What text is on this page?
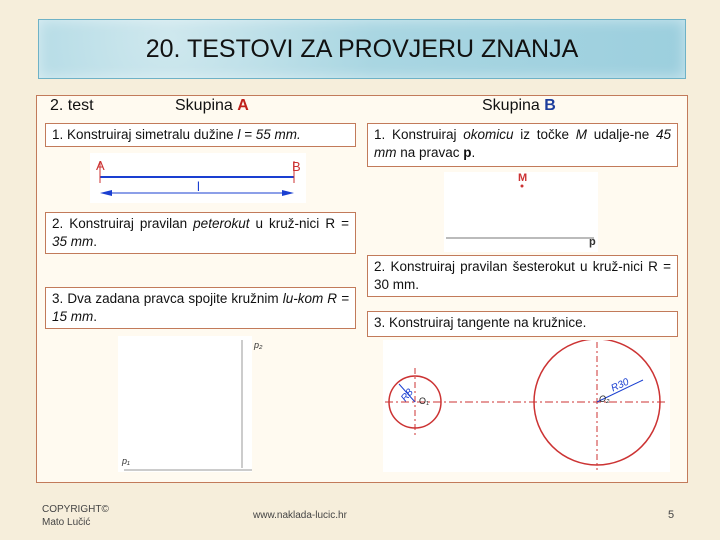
20. TESTOVI ZA PROVJERU ZNANJA
2. test	Skupina A	Skupina B
1. Konstruiraj simetralu dužine l = 55 mm.
A	B
l
2. Konstruiraj pravilan peterokut u kruž-nici R = 35 mm.
3. Dva zadana pravca spojite kružnim lu-kom R = 15 mm.
p₂
p₁
1. Konstruiraj okomicu iz točke M udalje-ne 45 mm na pravac p.
M
p
2. Konstruiraj pravilan šesterokut u kruž-nici R = 30 mm.
3. Konstruiraj tangente na kružnice.
R8 O₁	O₂
R30
COPYRIGHT©
Mato Lučić
www.naklada-lucic.hr	5
